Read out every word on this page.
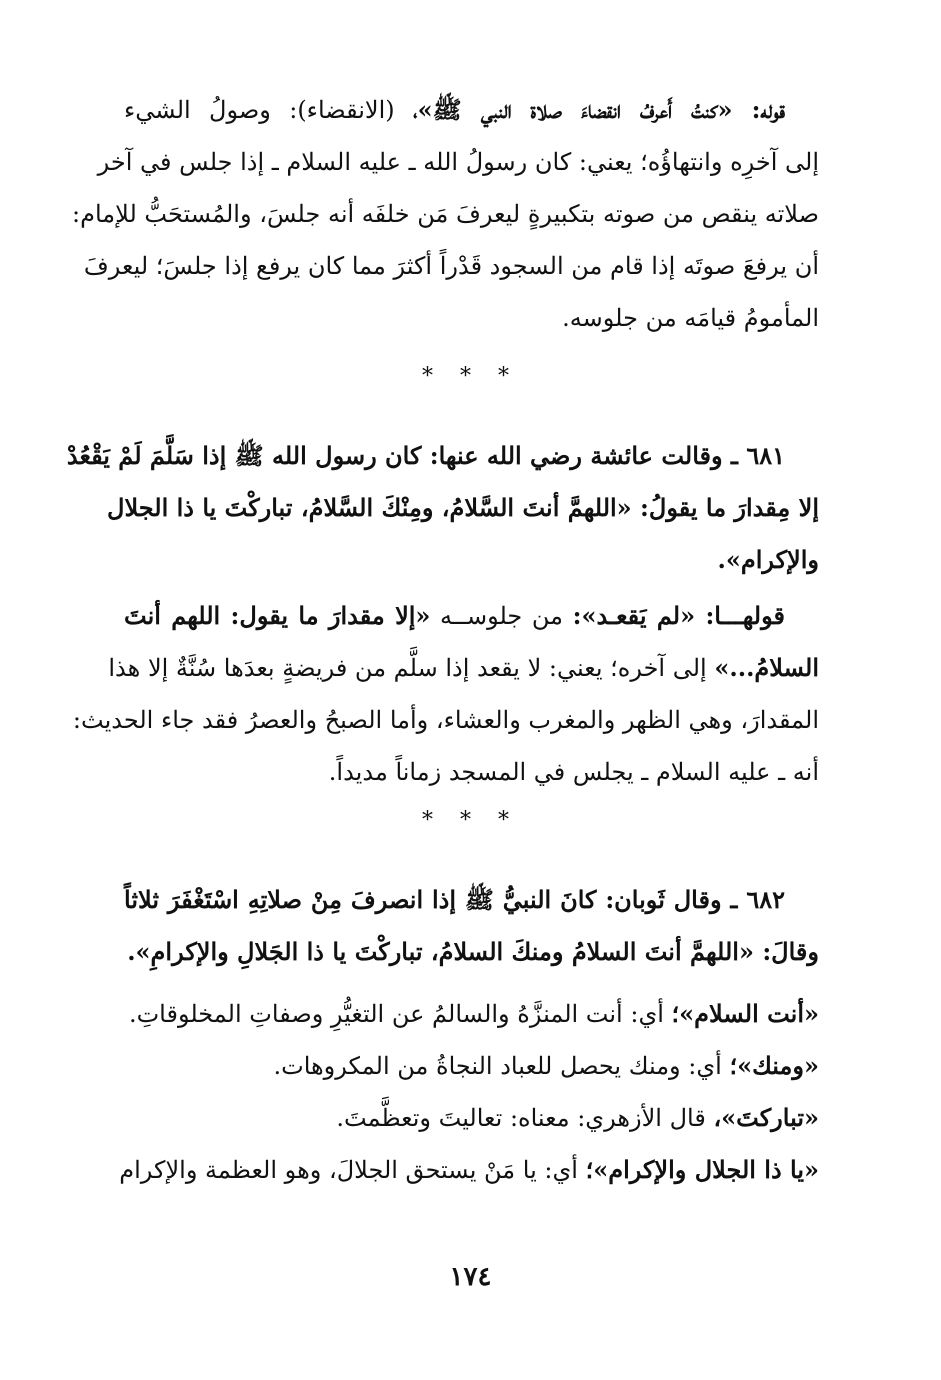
قوله: «كنتُ أَعرفُ انقضاءَ صلاة النبي ﷺ»، (الانقضاء): وصولُ الشيء
إلى آخرِه وانتهاؤُه؛ يعني: كان رسولُ الله ـ عليه السلام ـ إذا جلس في آخر
صلاته ينقص من صوته بتكبيرةٍ ليعرفَ مَن خلفَه أنه جلسَ، والمُستحَبُّ للإمام:
أن يرفعَ صوتَه إذا قام من السجود قَدْراً أكثرَ مما كان يرفع إذا جلسَ؛ ليعرفَ
المأمومُ قيامَه من جلوسه.
* * *
٦٨١ ـ وقالت عائشة رضي الله عنها: كان رسول الله ﷺ إذا سَلَّمَ لَمْ يَقْعُدْ
إلا مِقدارَ ما يقولُ: «اللهمَّ أنتَ السَّلامُ، ومِنْكَ السَّلامُ، تباركْتَ يا ذا الجلال
والإكرام».
قولهـــا: «لم يَقعـد»: من جلوســه «إلا مقدارَ ما يقول: اللهم أنتَ
السلامُ...» إلى آخره؛ يعني: لا يقعد إذا سلَّم من فريضةٍ بعدَها سُنَّةٌ إلا هذا
المقدارَ، وهي الظهر والمغرب والعشاء، وأما الصبحُ والعصرُ فقد جاء الحديث:
أنه ـ عليه السلام ـ يجلس في المسجد زماناً مديداً.
* * *
٦٨٢ ـ وقال ثَوبان: كانَ النبيُّ ﷺ إذا انصرفَ مِنْ صلاتِهِ اسْتَغْفَرَ ثلاثاً
وقالَ: «اللهمَّ أنتَ السلامُ ومنكَ السلامُ، تباركْتَ يا ذا الجَلالِ والإكرامِ».
«أنت السلام»؛ أي: أنت المنزَّهُ والسالمُ عن التغيُّرِ وصفاتِ المخلوقاتِ.
«ومنك»؛ أي: ومنك يحصل للعباد النجاةُ من المكروهات.
«تباركتَ»، قال الأزهري: معناه: تعاليتَ وتعظَّمتَ.
«يا ذا الجلال والإكرام»؛ أي: يا مَنْ يستحق الجلالَ، وهو العظمة والإكرام
١٧٤
